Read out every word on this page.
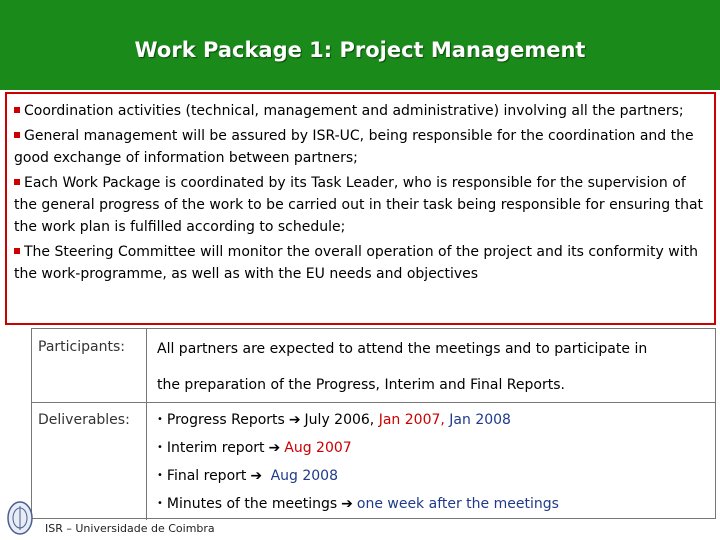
Work Package 1: Project Management
Coordination activities (technical, management and administrative) involving all the partners;
General management will be assured by ISR-UC, being responsible for the coordination and the good exchange of information between partners;
Each Work Package is coordinated by its Task Leader, who is responsible for the supervision of the general progress of the work to be carried out in their task being responsible for ensuring that the work plan is fulfilled according to schedule;
The Steering Committee will monitor the overall operation of the project and its conformity with the work-programme, as well as with the EU needs and objectives
Participants:	All partners are expected to attend the meetings and to participate in
the preparation of the Progress, Interim and Final Reports.
Deliverables:	• Progress Reports ➔ July 2006, Jan 2007, Jan 2008
• Interim report ➔ Aug 2007
• Final report ➔ Aug 2008
• Minutes of the meetings ➔ one week after the meetings
ISR – Universidade de Coimbra
